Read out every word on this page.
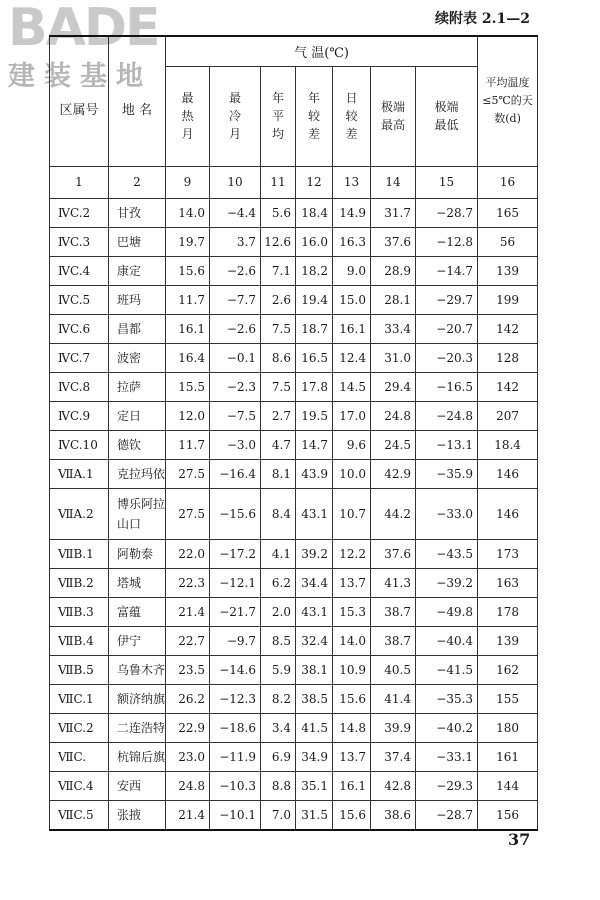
BADE
建装基地
续附表 2.1—2
区属号	地 名	气 温(℃)							平均温度≤5℃的天数(d)
		最热月	最冷月	年平均	年较差	日较差	极端最高	极端最低	
1	2	9	10	11	12	13	14	15	16
ⅣC.2	甘孜	14.0	−4.4	5.6	18.4	14.9	31.7	−28.7	165
ⅣC.3	巴塘	19.7	3.7	12.6	16.0	16.3	37.6	−12.8	56
ⅣC.4	康定	15.6	−2.6	7.1	18.2	9.0	28.9	−14.7	139
ⅣC.5	班玛	11.7	−7.7	2.6	19.4	15.0	28.1	−29.7	199
ⅣC.6	昌都	16.1	−2.6	7.5	18.7	16.1	33.4	−20.7	142
ⅣC.7	波密	16.4	−0.1	8.6	16.5	12.4	31.0	−20.3	128
ⅣC.8	拉萨	15.5	−2.3	7.5	17.8	14.5	29.4	−16.5	142
ⅣC.9	定日	12.0	−7.5	2.7	19.5	17.0	24.8	−24.8	207
ⅣC.10	德钦	11.7	−3.0	4.7	14.7	9.6	24.5	−13.1	18.4
ⅦA.1	克拉玛依	27.5	−16.4	8.1	43.9	10.0	42.9	−35.9	146
ⅦA.2	博乐阿拉山口	27.5	−15.6	8.4	43.1	10.7	44.2	−33.0	146
ⅦB.1	阿勒泰	22.0	−17.2	4.1	39.2	12.2	37.6	−43.5	173
ⅦB.2	塔城	22.3	−12.1	6.2	34.4	13.7	41.3	−39.2	163
ⅦB.3	富蕴	21.4	−21.7	2.0	43.1	15.3	38.7	−49.8	178
ⅦB.4	伊宁	22.7	−9.7	8.5	32.4	14.0	38.7	−40.4	139
ⅦB.5	乌鲁木齐	23.5	−14.6	5.9	38.1	10.9	40.5	−41.5	162
ⅦC.1	额济纳旗	26.2	−12.3	8.2	38.5	15.6	41.4	−35.3	155
ⅦC.2	二连浩特	22.9	−18.6	3.4	41.5	14.8	39.9	−40.2	180
ⅦC.	杭锦后旗	23.0	−11.9	6.9	34.9	13.7	37.4	−33.1	161
ⅦC.4	安西	24.8	−10.3	8.8	35.1	16.1	42.8	−29.3	144
ⅦC.5	张掖	21.4	−10.1	7.0	31.5	15.6	38.6	−28.7	156
37
